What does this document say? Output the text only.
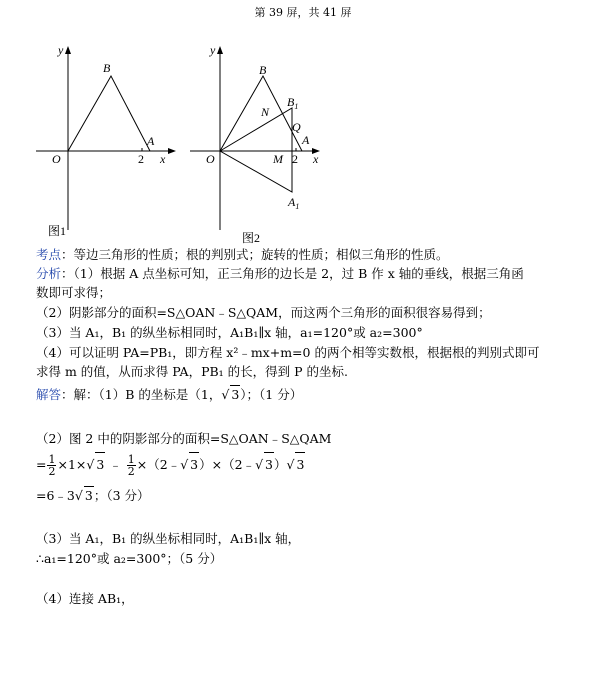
第 39 屏，共 41 屏
y
x
B
A
O	2
图1
y
x
B
N
$B_1$
Q
A
O	M 2
$A_1$
图2
考点：等边三角形的性质；根的判别式；旋转的性质；相似三角形的性质。
分析：（1）根据 A 点坐标可知，正三角形的边长是 2，过 B 作 x 轴的垂线，根据三角函
数即可求得；
（2）阴影部分的面积=S△OAN﹣S△QAM，而这两个三角形的面积很容易得到；
（3）当 A₁，B₁ 的纵坐标相同时，A₁B₁∥x 轴，a₁=120°或 a₂=300°
（4）可以证明 PA=PB₁，即方程 x²﹣mx+m=0 的两个相等实数根，根据根的判别式即可
求得 m 的值，从而求得 PA，PB₁ 的长，得到 P 的坐标.
解答：解：（1）B 的坐标是（1，√ 3）；（1 分）
（2）图 2 中的阴影部分的面积=S△OAN﹣S△QAM
= $\frac{1}{2} \times 1\times√$ 3 ﹣ $\frac{1}{2}$ ×（2﹣√ 3）×（2﹣√ 3）√ 3
=6﹣3√ 3；（3 分）
（3）当 A₁，B₁ 的纵坐标相同时，A₁B₁∥x 轴，
∴a₁=120°或 a₂=300°；（5 分）
（4）连接 AB₁，
